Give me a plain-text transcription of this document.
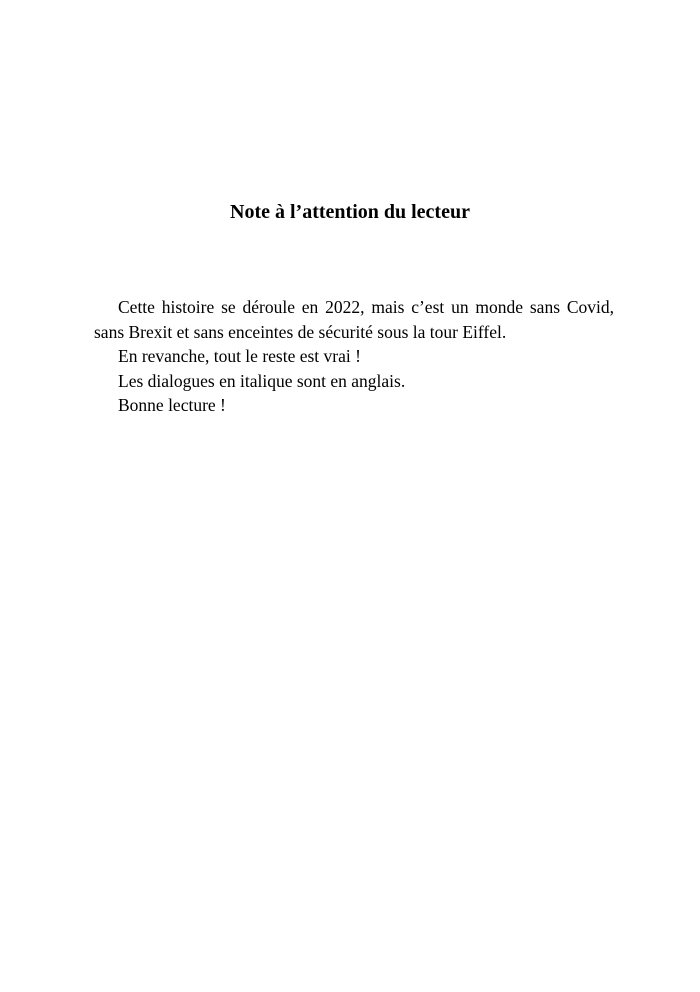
Note à l’attention du lecteur

Cette histoire se déroule en 2022, mais c’est un monde sans Covid, sans Brexit et sans enceintes de sécurité sous la tour Eiffel.

En revanche, tout le reste est vrai !

Les dialogues en italique sont en anglais.

Bonne lecture !
